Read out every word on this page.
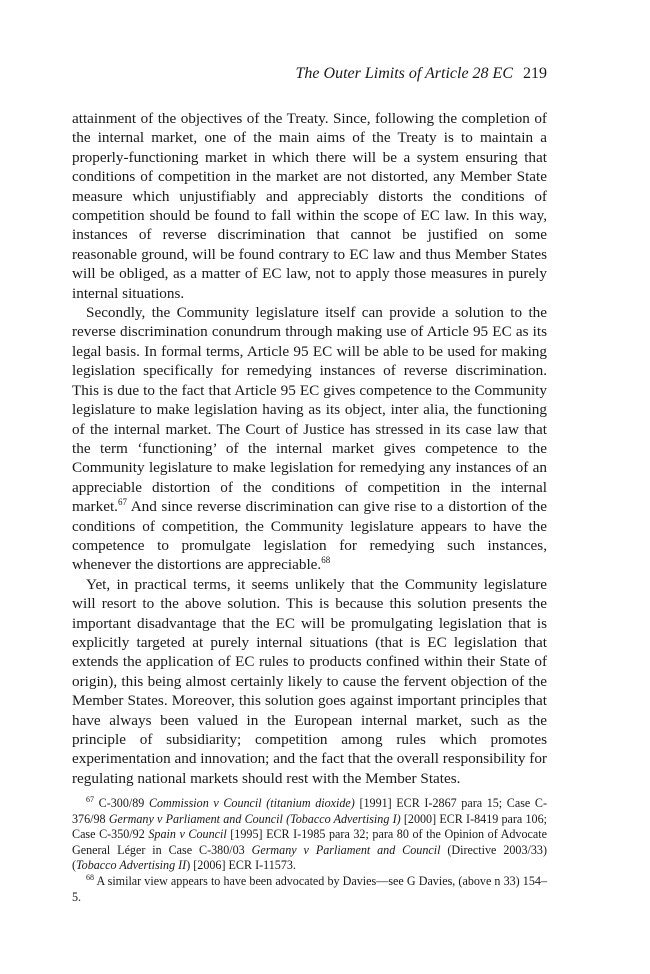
The Outer Limits of Article 28 EC 219

attainment of the objectives of the Treaty. Since, following the completion of the internal market, one of the main aims of the Treaty is to maintain a properly-functioning market in which there will be a system ensuring that conditions of competition in the market are not distorted, any Member State measure which unjustifiably and appreciably distorts the conditions of competition should be found to fall within the scope of EC law. In this way, instances of reverse discrimination that cannot be justified on some reasonable ground, will be found contrary to EC law and thus Member States will be obliged, as a matter of EC law, not to apply those measures in purely internal situations.

Secondly, the Community legislature itself can provide a solution to the reverse discrimination conundrum through making use of Article 95 EC as its legal basis. In formal terms, Article 95 EC will be able to be used for making legislation specifically for remedying instances of reverse discrimination. This is due to the fact that Article 95 EC gives competence to the Community legislature to make legislation having as its object, inter alia, the functioning of the internal market. The Court of Justice has stressed in its case law that the term ‘functioning’ of the internal market gives competence to the Community legislature to make legislation for remedying any instances of an appreciable distortion of the conditions of competition in the internal market.$^{67}$ And since reverse discrimination can give rise to a distortion of the conditions of competition, the Community legislature appears to have the competence to promulgate legislation for remedying such instances, whenever the distortions are appreciable.$^{68}$

Yet, in practical terms, it seems unlikely that the Community legislature will resort to the above solution. This is because this solution presents the important disadvantage that the EC will be promulgating legislation that is explicitly targeted at purely internal situations (that is EC legislation that extends the application of EC rules to products confined within their State of origin), this being almost certainly likely to cause the fervent objection of the Member States. Moreover, this solution goes against important principles that have always been valued in the European internal market, such as the principle of subsidiarity; competition among rules which promotes experimentation and innovation; and the fact that the overall responsibility for regulating national markets should rest with the Member States.

$^{67}$ C-300/89 Commission v Council (titanium dioxide) [1991] ECR I-2867 para 15; Case C-376/98 Germany v Parliament and Council (Tobacco Advertising I) [2000] ECR I-8419 para 106; Case C-350/92 Spain v Council [1995] ECR I-1985 para 32; para 80 of the Opinion of Advocate General Léger in Case C-380/03 Germany v Parliament and Council (Directive 2003/33) (Tobacco Advertising II) [2006] ECR I-11573.

$^{68}$ A similar view appears to have been advocated by Davies—see G Davies, (above n 33) 154–5.
